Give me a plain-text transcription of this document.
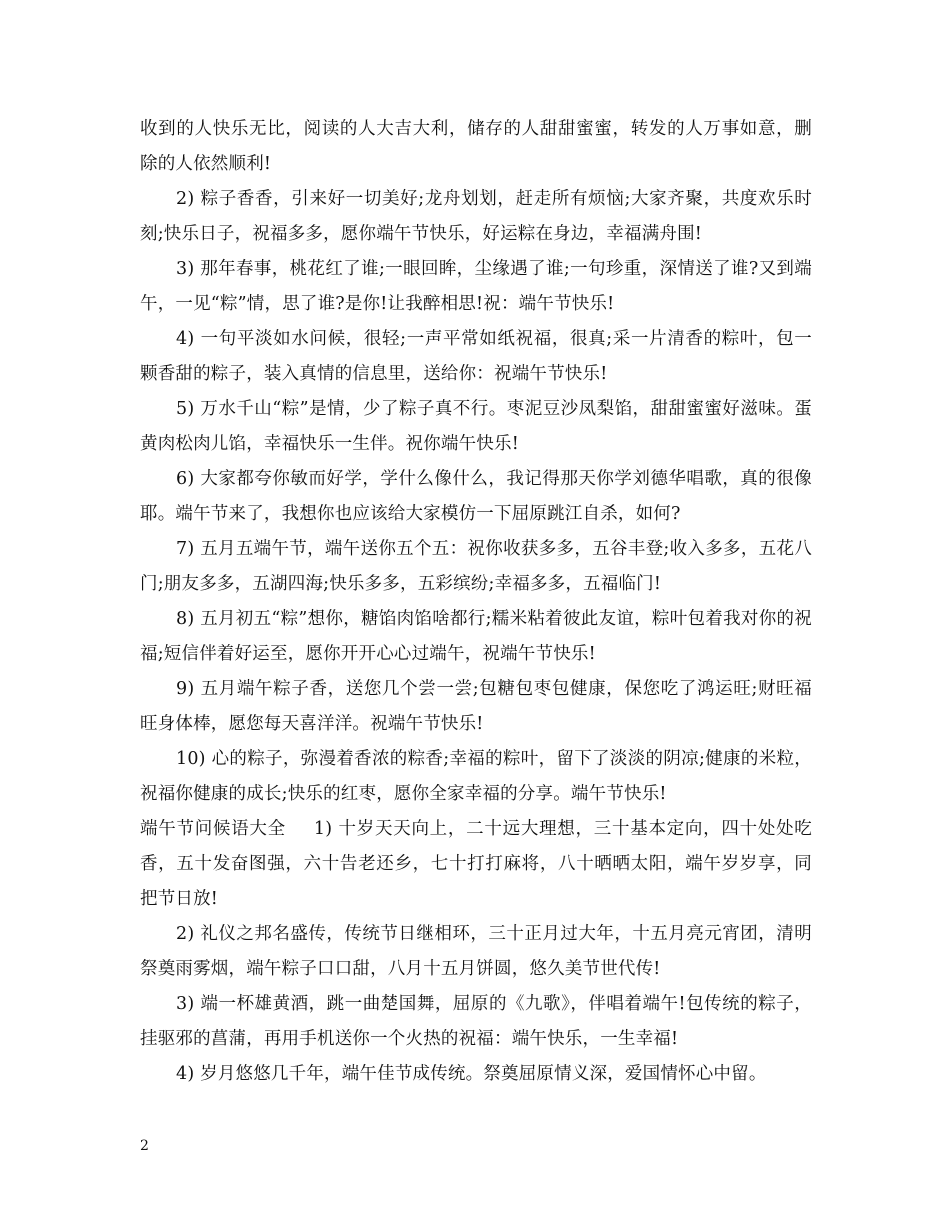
收到的人快乐无比，阅读的人大吉大利，储存的人甜甜蜜蜜，转发的人万事如意，删除的人依然顺利!

2) 粽子香香，引来好一切美好;龙舟划划，赶走所有烦恼;大家齐聚，共度欢乐时刻;快乐日子，祝福多多，愿你端午节快乐，好运粽在身边，幸福满舟围!

3) 那年春事，桃花红了谁;一眼回眸，尘缘遇了谁;一句珍重，深情送了谁?又到端午，一见“粽”情，思了谁?是你!让我醉相思!祝：端午节快乐!

4) 一句平淡如水问候，很轻;一声平常如纸祝福，很真;采一片清香的粽叶，包一颗香甜的粽子，装入真情的信息里，送给你：祝端午节快乐!

5) 万水千山“粽”是情，少了粽子真不行。枣泥豆沙凤梨馅，甜甜蜜蜜好滋味。蛋黄肉松肉儿馅，幸福快乐一生伴。祝你端午快乐!

6) 大家都夸你敏而好学，学什么像什么，我记得那天你学刘德华唱歌，真的很像耶。端午节来了，我想你也应该给大家模仿一下屈原跳江自杀，如何?

7) 五月五端午节，端午送你五个五：祝你收获多多，五谷丰登;收入多多，五花八门;朋友多多，五湖四海;快乐多多，五彩缤纷;幸福多多，五福临门!

8) 五月初五“粽”想你，糖馅肉馅啥都行;糯米粘着彼此友谊，粽叶包着我对你的祝福;短信伴着好运至，愿你开开心心过端午，祝端午节快乐!

9) 五月端午粽子香，送您几个尝一尝;包糖包枣包健康，保您吃了鸿运旺;财旺福旺身体棒，愿您每天喜洋洋。祝端午节快乐!

10) 心的粽子，弥漫着香浓的粽香;幸福的粽叶，留下了淡淡的阴凉;健康的米粒，祝福你健康的成长;快乐的红枣，愿你全家幸福的分享。端午节快乐!

端午节问候语大全 1) 十岁天天向上，二十远大理想，三十基本定向，四十处处吃香，五十发奋图强，六十告老还乡，七十打打麻将，八十晒晒太阳，端午岁岁享，同把节日放!

2) 礼仪之邦名盛传，传统节日继相环，三十正月过大年，十五月亮元宵团，清明祭奠雨雾烟，端午粽子口口甜，八月十五月饼圆，悠久美节世代传!

3) 端一杯雄黄酒，跳一曲楚国舞，屈原的《九歌》，伴唱着端午!包传统的粽子，挂驱邪的菖蒲，再用手机送你一个火热的祝福：端午快乐，一生幸福!

4) 岁月悠悠几千年，端午佳节成传统。祭奠屈原情义深，爱国情怀心中留。

2
